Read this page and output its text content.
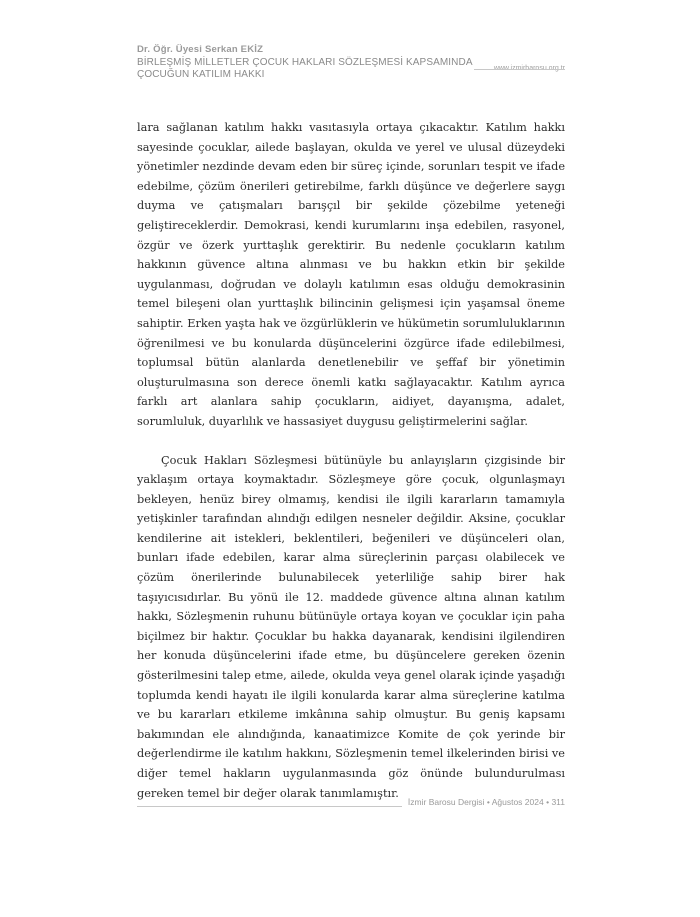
Dr. Öğr. Üyesi Serkan EKİZ
BİRLEŞMİŞ MİLLETLER ÇOCUK HAKLARI SÖZLEŞMESİ KAPSAMINDA
ÇOCUĞUN KATILIM HAKKI
www.izmirbarosu.org.tr

lara sağlanan katılım hakkı vasıtasıyla ortaya çıkacaktır. Katılım hakkı sayesinde çocuklar, ailede başlayan, okulda ve yerel ve ulusal düzeydeki yönetimler nezdinde devam eden bir süreç içinde, sorunları tespit ve ifade edebilme, çözüm önerileri getirebilme, farklı düşünce ve değerlere saygı duyma ve çatışmaları barışçıl bir şekilde çözebilme yeteneği geliştireceklerdir. Demokrasi, kendi kurumlarını inşa edebilen, rasyonel, özgür ve özerk yurttaşlık gerektirir. Bu nedenle çocukların katılım hakkının güvence altına alınması ve bu hakkın etkin bir şekilde uygulanması, doğrudan ve dolaylı katılımın esas olduğu demokrasinin temel bileşeni olan yurttaşlık bilincinin gelişmesi için yaşamsal öneme sahiptir. Erken yaşta hak ve özgürlüklerin ve hükümetin sorumluluklarının öğrenilmesi ve bu konularda düşüncelerini özgürce ifade edilebilmesi, toplumsal bütün alanlarda denetlenebilir ve şeffaf bir yönetimin oluşturulmasına son derece önemli katkı sağlayacaktır. Katılım ayrıca farklı art alanlara sahip çocukların, aidiyet, dayanışma, adalet, sorumluluk, duyarlılık ve hassasiyet duygusu geliştirmelerini sağlar.

Çocuk Hakları Sözleşmesi bütünüyle bu anlayışların çizgisinde bir yaklaşım ortaya koymaktadır. Sözleşmeye göre çocuk, olgunlaşmayı bekleyen, henüz birey olmamış, kendisi ile ilgili kararların tamamıyla yetişkinler tarafından alındığı edilgen nesneler değildir. Aksine, çocuklar kendilerine ait istekleri, beklentileri, beğenileri ve düşünceleri olan, bunları ifade edebilen, karar alma süreçlerinin parçası olabilecek ve çözüm önerilerinde bulunabilecek yeterliliğe sahip birer hak taşıyıcısıdırlar. Bu yönü ile 12. maddede güvence altına alınan katılım hakkı, Sözleşmenin ruhunu bütünüyle ortaya koyan ve çocuklar için paha biçilmez bir haktır. Çocuklar bu hakka dayanarak, kendisini ilgilendiren her konuda düşüncelerini ifade etme, bu düşüncelere gereken özenin gösterilmesini talep etme, ailede, okulda veya genel olarak içinde yaşadığı toplumda kendi hayatı ile ilgili konularda karar alma süreçlerine katılma ve bu kararları etkileme imkânına sahip olmuştur. Bu geniş kapsamı bakımından ele alındığında, kanaatimizce Komite de çok yerinde bir değerlendirme ile katılım hakkını, Sözleşmenin temel ilkelerinden birisi ve diğer temel hakların uygulanmasında göz önünde bulundurulması gereken temel bir değer olarak tanımlamıştır.

İzmir Barosu Dergisi • Ağustos 2024 • 311
